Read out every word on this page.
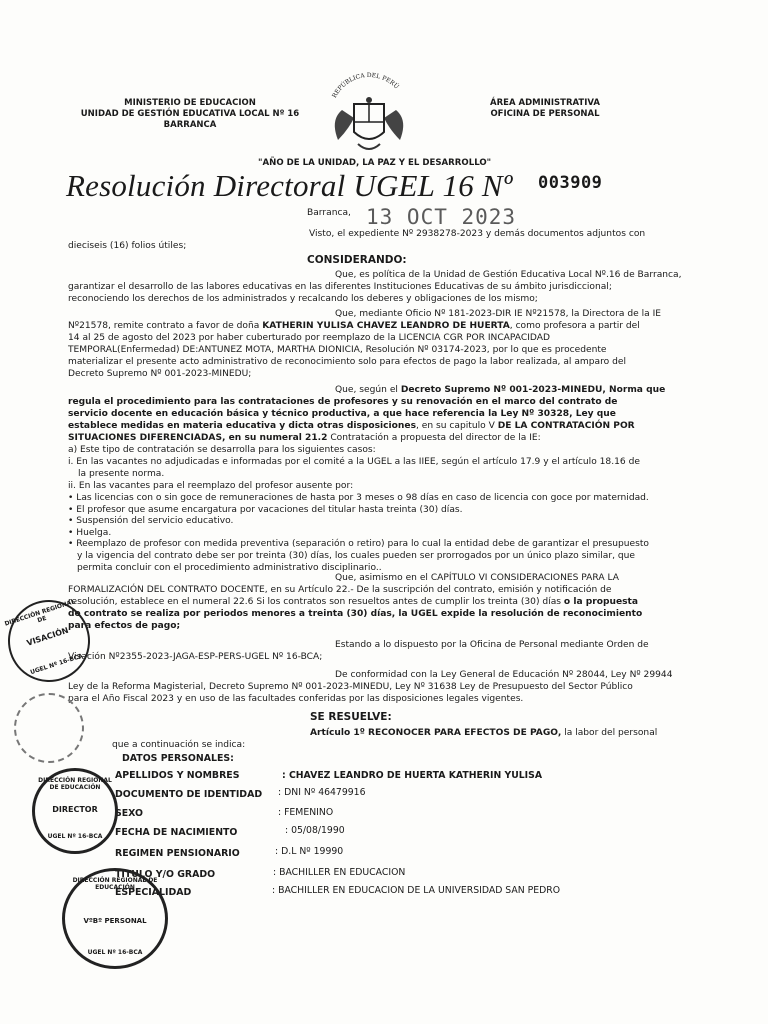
MINISTERIO DE EDUCACION
UNIDAD DE GESTIÓN EDUCATIVA LOCAL Nº 16
BARRANCA
REPÚBLICA DEL PERÚ
ÁREA ADMINISTRATIVA
OFICINA DE PERSONAL
"AÑO DE LA UNIDAD, LA PAZ Y EL DESARROLLO"
Resolución Directoral UGEL 16 Nº 003909
Barranca, 13 OCT 2023
Visto, el expediente Nº 2938278-2023 y demás documentos adjuntos con
dieciseis (16) folios útiles;
CONSIDERANDO:
Que, es política de la Unidad de Gestión Educativa Local Nº.16 de Barranca,
garantizar el desarrollo de las labores educativas en las diferentes Instituciones Educativas de su ámbito jurisdiccional;
reconociendo los derechos de los administrados y recalcando los deberes y obligaciones de los mismo;
Que, mediante Oficio Nº 181-2023-DIR IE Nº21578, la Directora de la IE
Nº21578, remite contrato a favor de doña KATHERIN YULISA CHAVEZ LEANDRO DE HUERTA, como profesora a partir del
14 al 25 de agosto del 2023 por haber cuberturado por reemplazo de la LICENCIA CGR POR INCAPACIDAD
TEMPORAL(Enfermedad) DE:ANTUNEZ MOTA, MARTHA DIONICIA, Resolución Nº 03174-2023, por lo que es procedente
materializar el presente acto administrativo de reconocimiento solo para efectos de pago la labor realizada, al amparo del
Decreto Supremo Nº 001-2023-MINEDU;
Que, según el Decreto Supremo Nº 001-2023-MINEDU, Norma que
regula el procedimiento para las contrataciones de profesores y su renovación en el marco del contrato de
servicio docente en educación básica y técnico productiva, a que hace referencia la Ley Nº 30328, Ley que
establece medidas en materia educativa y dicta otras disposiciones, en su capitulo V DE LA CONTRATACIÓN POR
SITUACIONES DIFERENCIADAS, en su numeral 21.2 Contratación a propuesta del director de la IE:
a) Este tipo de contratación se desarrolla para los siguientes casos:
i. En las vacantes no adjudicadas e informadas por el comité a la UGEL a las IIEE, según el artículo 17.9 y el artículo 18.16 de
la presente norma.
ii. En las vacantes para el reemplazo del profesor ausente por:
• Las licencias con o sin goce de remuneraciones de hasta por 3 meses o 98 días en caso de licencia con goce por maternidad.
• El profesor que asume encargatura por vacaciones del titular hasta treinta (30) días.
• Suspensión del servicio educativo.
• Huelga.
• Reemplazo de profesor con medida preventiva (separación o retiro) para lo cual la entidad debe de garantizar el presupuesto
y la vigencia del contrato debe ser por treinta (30) días, los cuales pueden ser prorrogados por un único plazo similar, que
permita concluir con el procedimiento administrativo disciplinario..
Que, asimismo en el CAPÍTULO VI CONSIDERACIONES PARA LA
FORMALIZACIÓN DEL CONTRATO DOCENTE, en su Artículo 22.- De la suscripción del contrato, emisión y notificación de
resolución, establece en el numeral 22.6 Si los contratos son resueltos antes de cumplir los treinta (30) días o la propuesta
de contrato se realiza por periodos menores a treinta (30) días, la UGEL expide la resolución de reconocimiento
para efectos de pago;
Estando a lo dispuesto por la Oficina de Personal mediante Orden de
Visación Nº2355-2023-JAGA-ESP-PERS-UGEL Nº 16-BCA;
De conformidad con la Ley General de Educación Nº 28044, Ley Nº 29944
Ley de la Reforma Magisterial, Decreto Supremo Nº 001-2023-MINEDU, Ley Nº 31638 Ley de Presupuesto del Sector Público
para el Año Fiscal 2023 y en uso de las facultades conferidas por las disposiciones legales vigentes.
SE RESUELVE:
Artículo 1º RECONOCER PARA EFECTOS DE PAGO, la labor del personal
que a continuación se indica:
DATOS PERSONALES:
APELLIDOS Y NOMBRES	: CHAVEZ LEANDRO DE HUERTA KATHERIN YULISA
DOCUMENTO DE IDENTIDAD : DNI Nº 46479916
SEXO	: FEMENINO
FECHA DE NACIMIENTO	: 05/08/1990
REGIMEN PENSIONARIO	: D.L Nº 19990
TITULO Y/O GRADO	: BACHILLER EN EDUCACION
ESPECIALIDAD	: BACHILLER EN EDUCACION DE LA UNIVERSIDAD SAN PEDRO
DIRECCIÓN REGIONAL DE
VISACIÓN
UGEL Nº 16-BCA
DIRECCIÓN REGIONAL DE EDUCACIÓN
DIRECTOR
UGEL Nº 16-BCA
DIRECCIÓN REGIONAL DE EDUCACIÓN
VºBº PERSONAL
UGEL Nº 16-BCA
